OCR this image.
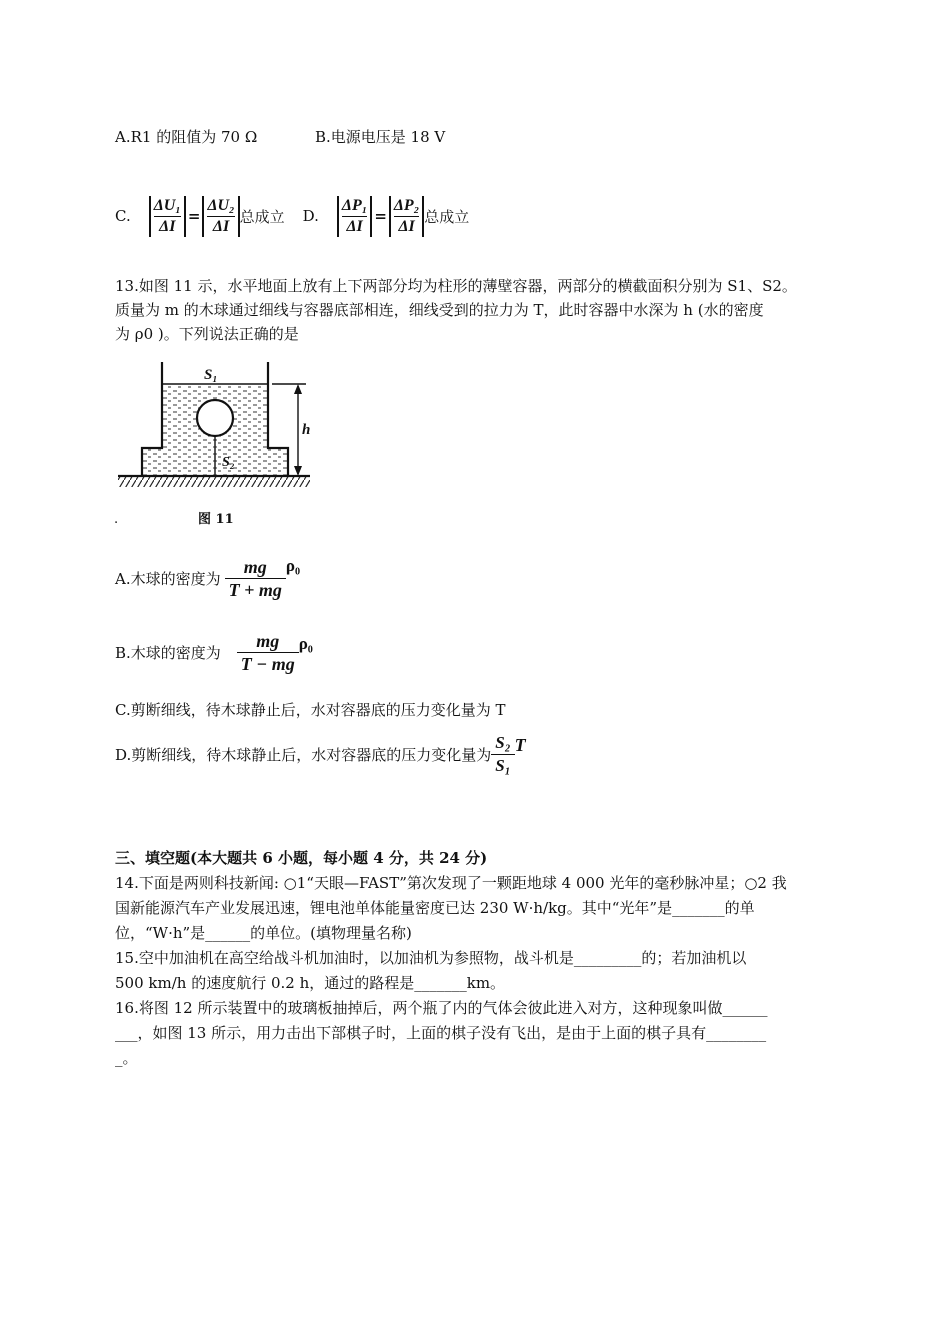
A.R1 的阻值为 70 Ω	B.电源电压是 18 V
C. $\frac{\text{ΔU₁}}{\Delta I} = \frac{\text{ΔU₂}}{\Delta I}$ 总成立 D. $\frac{\text{ΔP₁}}{\Delta I} = \frac{\text{ΔP₂}}{\Delta I}$ 总成立
13.如图 11 示，水平地面上放有上下两部分均为柱形的薄壁容器，两部分的横截面积分别为 S1、S2。
质量为 m 的木球通过细线与容器底部相连，细线受到的拉力为 T，此时容器中水深为 h (水的密度
为 ρ0 )。下列说法正确的是
S₁
S₂
h
.	图 11
A.木球的密度为 $\frac{mg}{T + mg} \rho_0$
B.木球的密度为 $\frac{mg}{T - mg} \rho_0$
C.剪断细线，待木球静止后，水对容器底的压力变化量为 T
D.剪断细线，待木球静止后，水对容器底的压力变化量为 $\frac{\text{S₂}}{\text{S₁}}$ T
三、填空题(本大题共 6 小题，每小题 4 分，共 24 分)
14.下面是两则科技新闻: ○1“天眼—FAST”第次发现了一颗距地球 4 000 光年的毫秒脉冲星；○2 我
国新能源汽车产业发展迅速，锂电池单体能量密度已达 230 W·h/kg。其中“光年”是_______的单
位，“W·h”是______的单位。(填物理量名称)
15.空中加油机在高空给战斗机加油时，以加油机为参照物，战斗机是_________的；若加油机以
500 km/h 的速度航行 0.2 h，通过的路程是_______km。
16.将图 12 所示装置中的玻璃板抽掉后，两个瓶了内的气体会彼此进入对方，这种现象叫做______
___，如图 13 所示，用力击出下部棋子时，上面的棋子没有飞出，是由于上面的棋子具有________
_。
